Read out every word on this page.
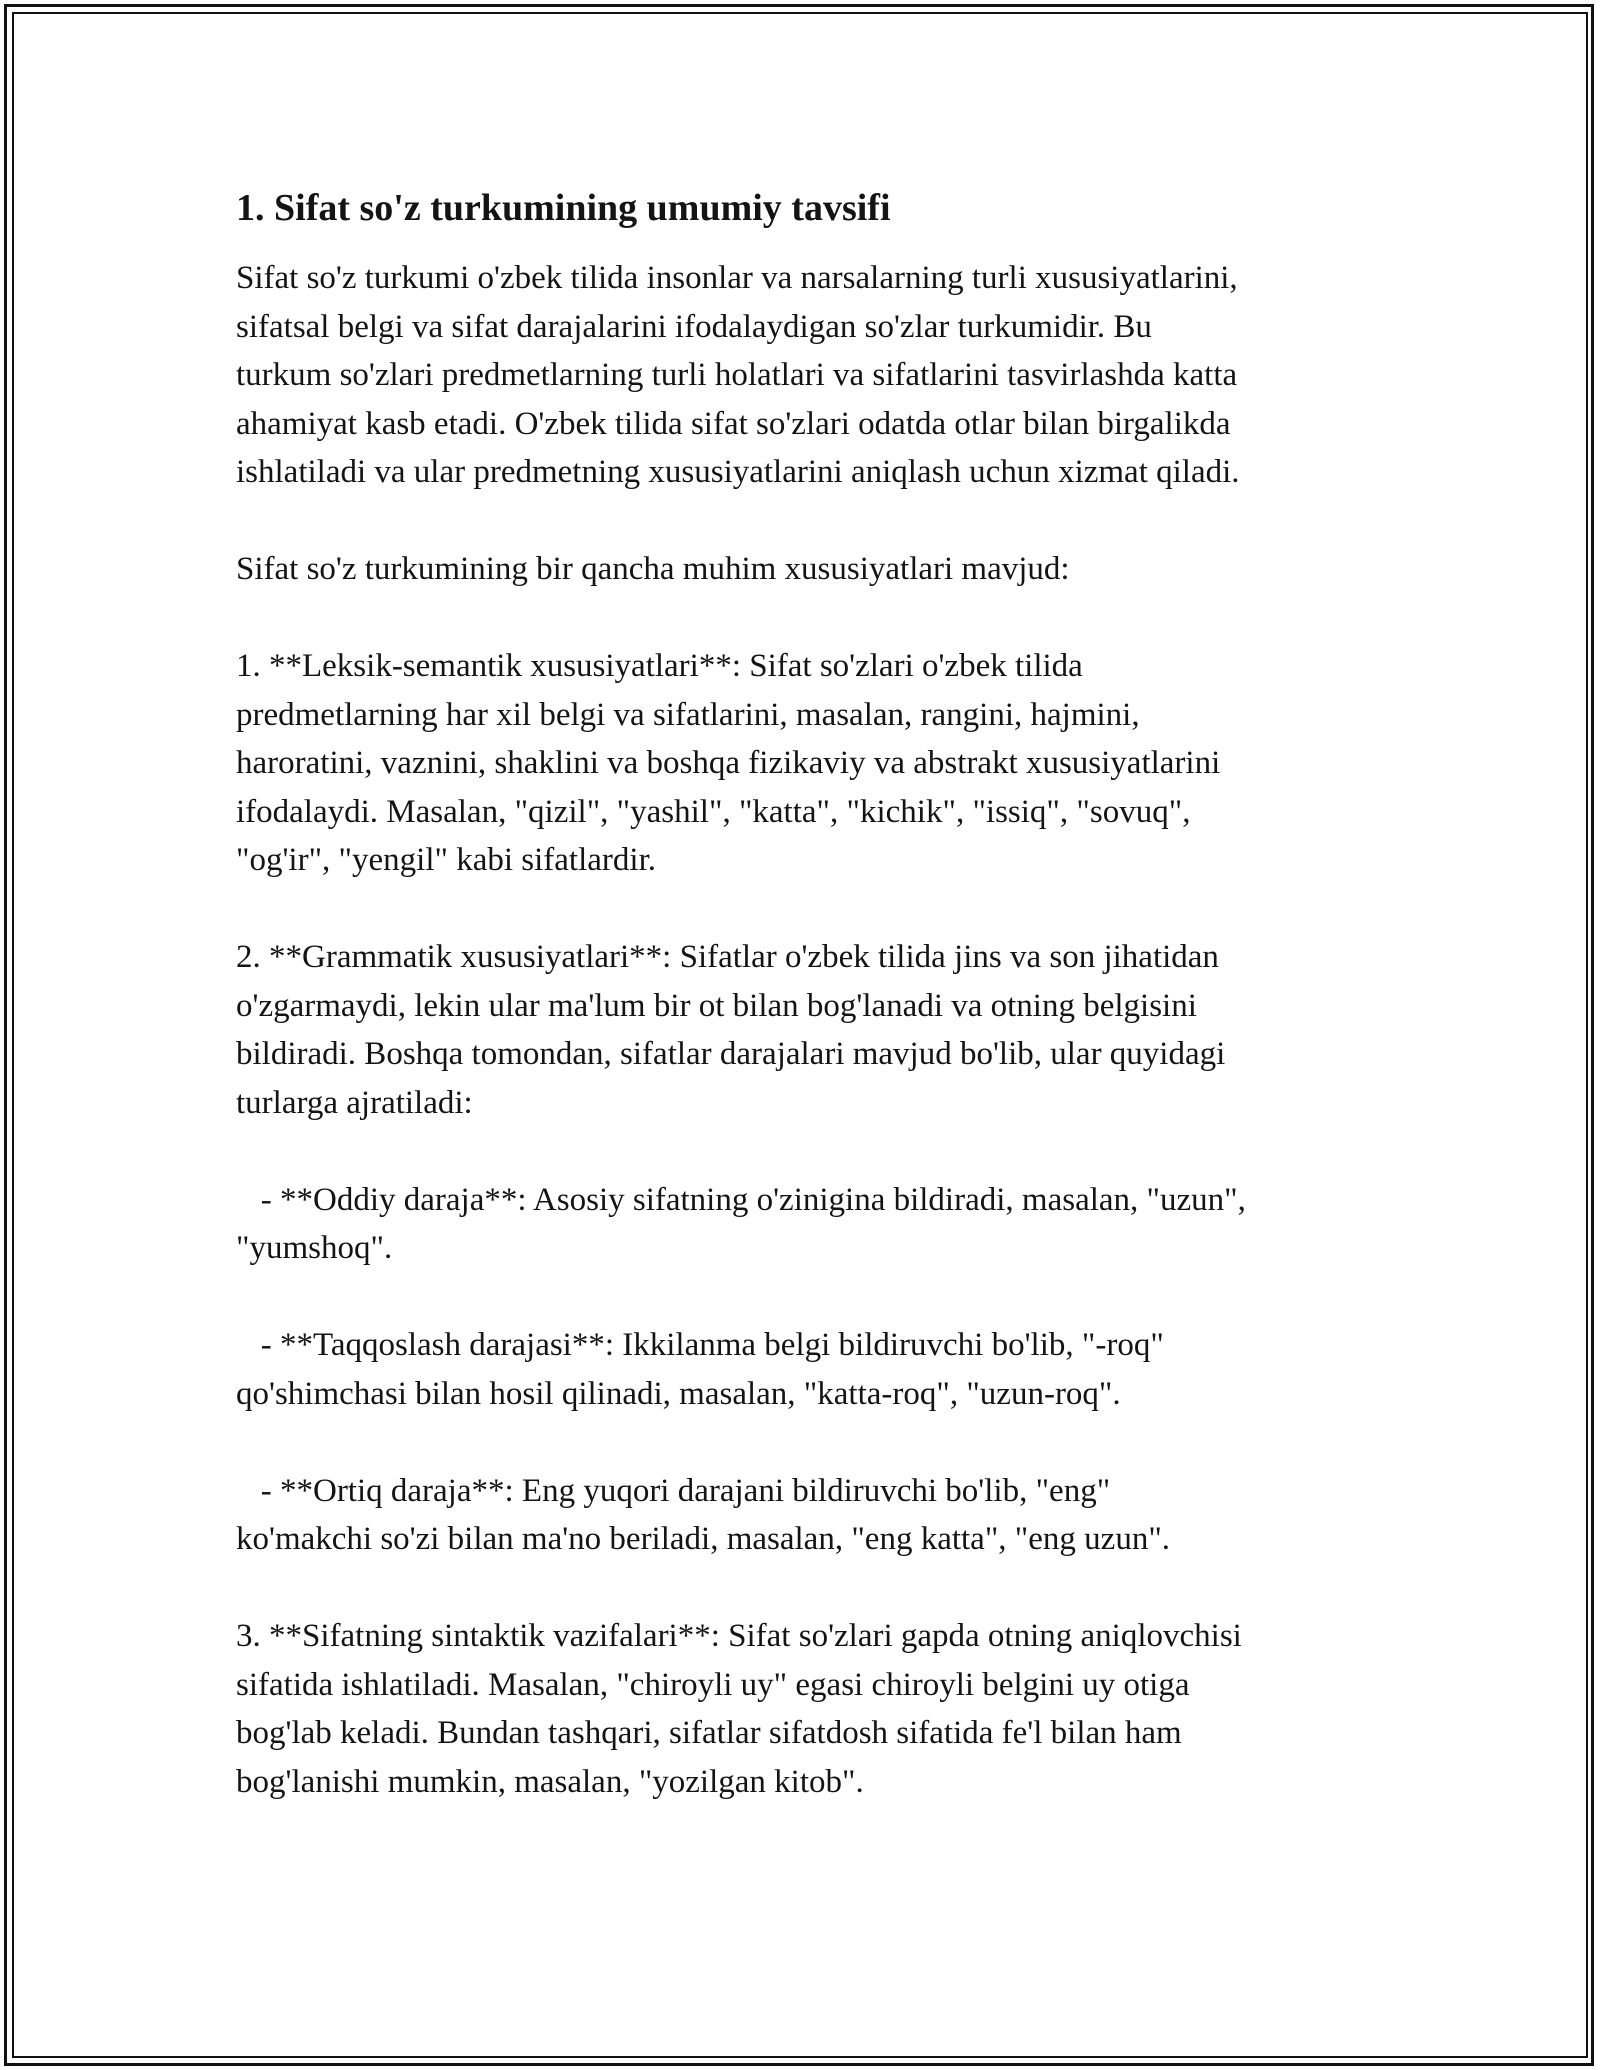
1. Sifat so'z turkumining umumiy tavsifi
Sifat so'z turkumi o'zbek tilida insonlar va narsalarning turli xususiyatlarini,
sifatsal belgi va sifat darajalarini ifodalaydigan so'zlar turkumidir. Bu
turkum so'zlari predmetlarning turli holatlari va sifatlarini tasvirlashda katta
ahamiyat kasb etadi. O'zbek tilida sifat so'zlari odatda otlar bilan birgalikda
ishlatiladi va ular predmetning xususiyatlarini aniqlash uchun xizmat qiladi.
Sifat so'z turkumining bir qancha muhim xususiyatlari mavjud:
1. **Leksik-semantik xususiyatlari**: Sifat so'zlari o'zbek tilida
predmetlarning har xil belgi va sifatlarini, masalan, rangini, hajmini,
haroratini, vaznini, shaklini va boshqa fizikaviy va abstrakt xususiyatlarini
ifodalaydi. Masalan, "qizil", "yashil", "katta", "kichik", "issiq", "sovuq",
"og'ir", "yengil" kabi sifatlardir.
2. **Grammatik xususiyatlari**: Sifatlar o'zbek tilida jins va son jihatidan
o'zgarmaydi, lekin ular ma'lum bir ot bilan bog'lanadi va otning belgisini
bildiradi. Boshqa tomondan, sifatlar darajalari mavjud bo'lib, ular quyidagi
turlarga ajratiladi:
- **Oddiy daraja**: Asosiy sifatning o'zinigina bildiradi, masalan, "uzun",
"yumshoq".
- **Taqqoslash darajasi**: Ikkilanma belgi bildiruvchi bo'lib, "-roq"
qo'shimchasi bilan hosil qilinadi, masalan, "katta-roq", "uzun-roq".
- **Ortiq daraja**: Eng yuqori darajani bildiruvchi bo'lib, "eng"
ko'makchi so'zi bilan ma'no beriladi, masalan, "eng katta", "eng uzun".
3. **Sifatning sintaktik vazifalari**: Sifat so'zlari gapda otning aniqlovchisi
sifatida ishlatiladi. Masalan, "chiroyli uy" egasi chiroyli belgini uy otiga
bog'lab keladi. Bundan tashqari, sifatlar sifatdosh sifatida fe'l bilan ham
bog'lanishi mumkin, masalan, "yozilgan kitob".
